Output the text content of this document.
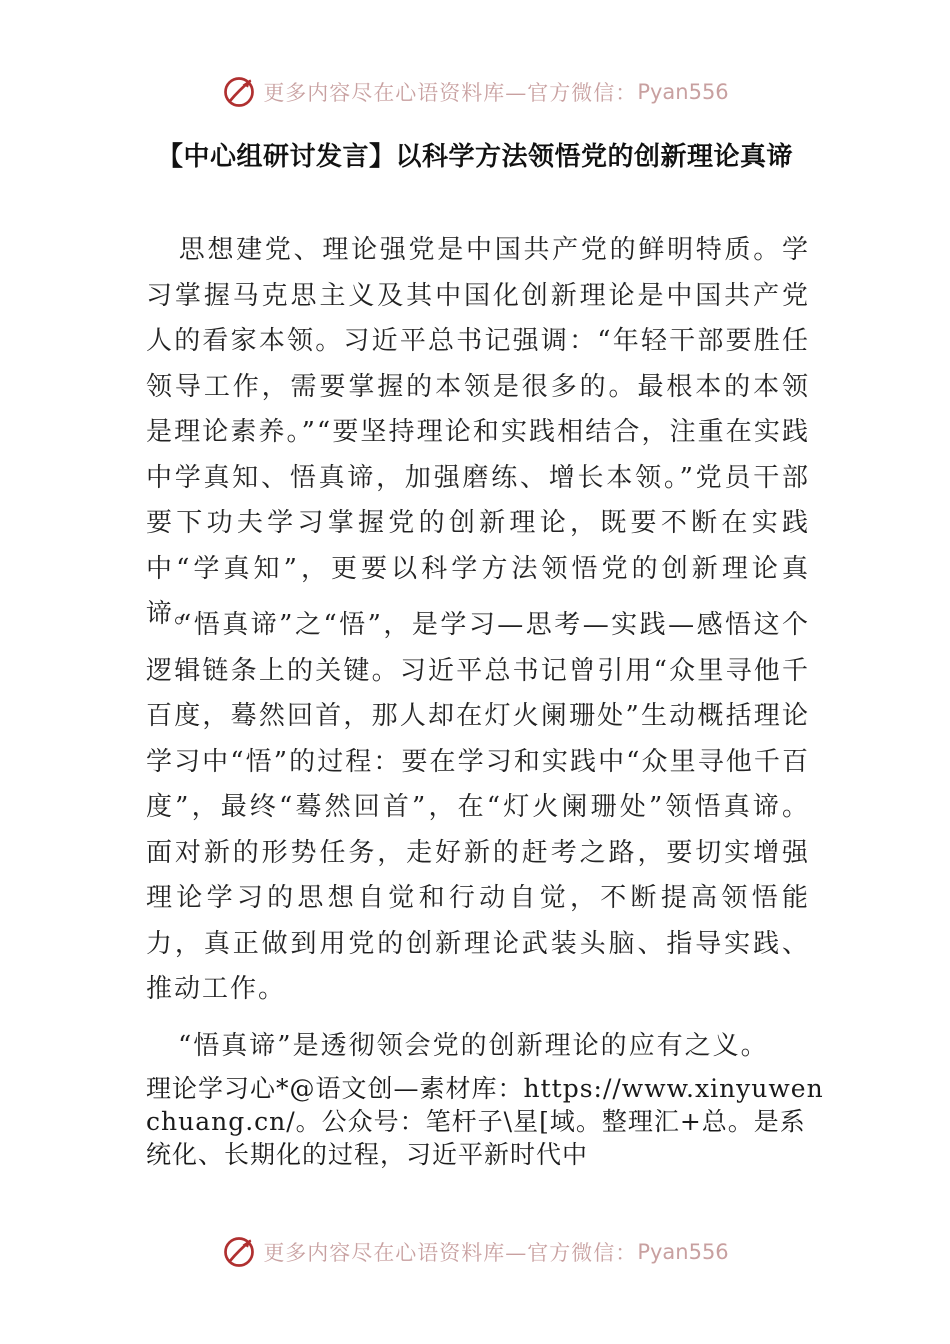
更多内容尽在心语资料库—官方微信： Pyan556
【中心组研讨发言】以科学方法领悟党的创新理论真谛

思想建党、理论强党是中国共产党的鲜明特质。学习掌握马克思主义及其中国化创新理论是中国共产党人的看家本领。习近平总书记强调：“年轻干部要胜任领导工作，需要掌握的本领是很多的。最根本的本领是理论素养。”“要坚持理论和实践相结合，注重在实践中学真知、悟真谛，加强磨练、增长本领。”党员干部要下功夫学习掌握党的创新理论，既要不断在实践中“学真知”，更要以科学方法领悟党的创新理论真谛。

“悟真谛”之“悟”，是学习—思考—实践—感悟这个逻辑链条上的关键。习近平总书记曾引用“众里寻他千百度，蓦然回首，那人却在灯火阑珊处”生动概括理论学习中“悟”的过程：要在学习和实践中“众里寻他千百度”，最终“蓦然回首”，在“灯火阑珊处”领悟真谛。面对新的形势任务，走好新的赶考之路，要切实增强理论学习的思想自觉和行动自觉，不断提高领悟能力，真正做到用党的创新理论武装头脑、指导实践、推动工作。

“悟真谛”是透彻领会党的创新理论的应有之义。

理论学习心*@语文创—素材库：https://www.xinyuwenchuang.cn/。公众号：笔杆子\星[域。整理汇+总。是系统化、长期化的过程，习近平新时代中
更多内容尽在心语资料库—官方微信： Pyan556
